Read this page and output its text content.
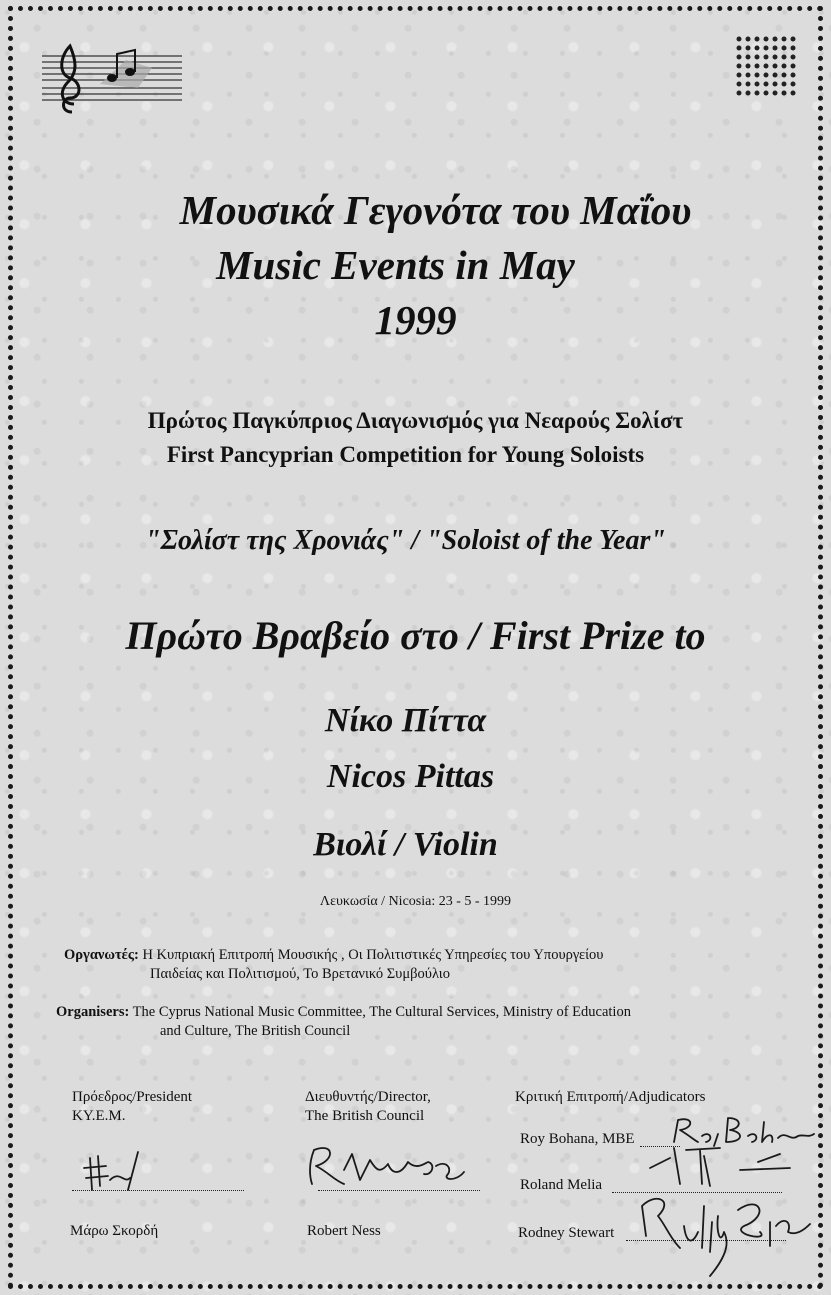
Μουσικά Γεγονότα του Μαΐου
Music Events in May
1999
Πρώτος Παγκύπριος Διαγωνισμός για Νεαρούς Σολίστ
First Pancyprian Competition for Young Soloists
"Σολίστ της Χρονιάς" / "Soloist of the Year"
Πρώτο Βραβείο στο / First Prize to
Νίκο Πίττα
Nicos Pittas
Βιολί / Violin
Λευκωσία / Nicosia: 23 - 5 - 1999
Οργανωτές: Η Κυπριακή Επιτροπή Μουσικής , Οι Πολιτιστικές Υπηρεσίες του Υπουργείου
Παιδείας και Πολιτισμού, Το Βρετανικό Συμβούλιο
Organisers: The Cyprus National Music Committee, The Cultural Services, Ministry of Education
and Culture, The British Council
Πρόεδρος/President
KY.E.M.
Μάρω Σκορδή
Διευθυντής/Director,
The British Council
Robert Ness
Κριτική Επιτροπή/Adjudicators
Roy Bohana, MBE
Roland Melia
Rodney Stewart
